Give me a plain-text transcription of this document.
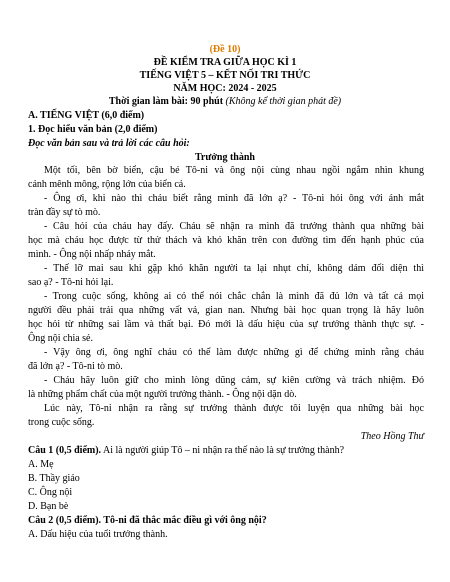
(Đề 10)
ĐỀ KIỂM TRA GIỮA HỌC KÌ 1
TIẾNG VIỆT 5 – KẾT NỐI TRI THỨC
NĂM HỌC: 2024 - 2025
Thời gian làm bài: 90 phút (Không kể thời gian phát đề)
A. TIẾNG VIỆT (6,0 điểm)
1. Đọc hiểu văn bản (2,0 điểm)
Đọc văn bản sau và trả lời các câu hỏi:
Trưởng thành
Một tối, bên bờ biển, cậu bé Tô-ni và ông nội cùng nhau ngồi ngắm nhìn khung
cảnh mênh mông, rộng lớn của biển cả.
- Ông ơi, khi nào thì cháu biết rằng mình đã lớn ạ? - Tô-ni hỏi ông với ánh mắt
tràn đầy sự tò mò.
- Câu hỏi của cháu hay đấy. Cháu sẽ nhận ra mình đã trưởng thành qua những bài
học mà cháu học được từ thử thách và khó khăn trên con đường tìm đến hạnh phúc của
mình. - Ông nội nhấp nháy mắt.
- Thế lỡ mai sau khi gặp khó khăn người ta lại nhụt chí, không dám đối diện thì
sao ạ? - Tô-ni hỏi lại.
- Trong cuộc sống, không ai có thể nói chắc chắn là mình đã đủ lớn và tất cả mọi
người đều phải trải qua những vất vả, gian nan. Nhưng bài học quan trọng là hãy luôn
học hỏi từ những sai lầm và thất bại. Đó mới là dấu hiệu của sự trưởng thành thực sự. -
Ông nội chia sẻ.
- Vậy ông ơi, ông nghĩ cháu có thể làm được những gì để chứng minh rằng cháu
đã lớn ạ? - Tô-ni tò mò.
- Cháu hãy luôn giữ cho mình lòng dũng cảm, sự kiên cường và trách nhiệm. Đó
là những phẩm chất của một người trưởng thành. - Ông nội dặn dò.
Lúc này, Tô-ni nhận ra rằng sự trưởng thành được tôi luyện qua những bài học
trong cuộc sống.
Theo Hồng Thư
Câu 1 (0,5 điểm). Ai là người giúp Tô – ni nhận ra thế nào là sự trưởng thành?
A. Mẹ
B. Thầy giáo
C. Ông nội
D. Bạn bè
Câu 2 (0,5 điểm). Tô-ni đã thắc mắc điều gì với ông nội?
A. Dấu hiệu của tuổi trưởng thành.
